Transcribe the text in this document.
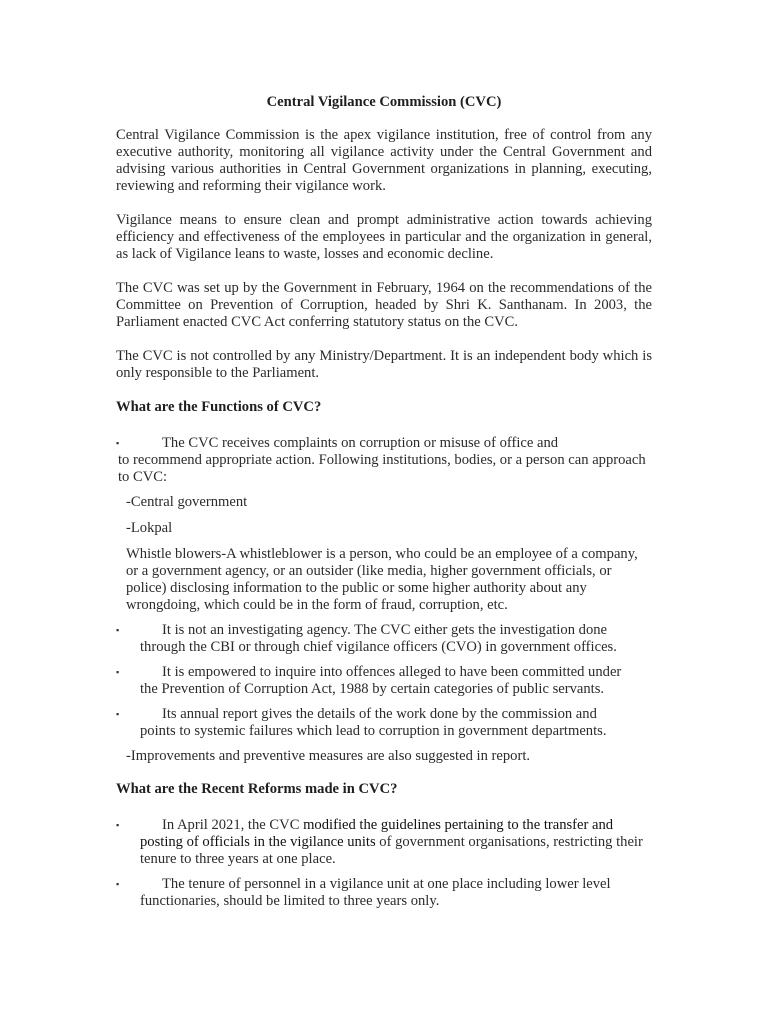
Central Vigilance Commission (CVC)

Central Vigilance Commission is the apex vigilance institution, free of control from any executive authority, monitoring all vigilance activity under the Central Government and advising various authorities in Central Government organizations in planning, executing, reviewing and reforming their vigilance work.

Vigilance means to ensure clean and prompt administrative action towards achieving efficiency and effectiveness of the employees in particular and the organization in general, as lack of Vigilance leans to waste, losses and economic decline.

The CVC was set up by the Government in February, 1964 on the recommendations of the Committee on Prevention of Corruption, headed by Shri K. Santhanam. In 2003, the Parliament enacted CVC Act conferring statutory status on the CVC.

The CVC is not controlled by any Ministry/Department. It is an independent body which is only responsible to the Parliament.

What are the Functions of CVC?
▪	The CVC receives complaints on corruption or misuse of office and
to recommend appropriate action. Following institutions, bodies, or a person can approach to CVC:
-Central government
-Lokpal
Whistle blowers-A whistleblower is a person, who could be an employee of a company, or a government agency, or an outsider (like media, higher government officials, or police) disclosing information to the public or some higher authority about any wrongdoing, which could be in the form of fraud, corruption, etc.
▪	It is not an investigating agency. The CVC either gets the investigation done
through the CBI or through chief vigilance officers (CVO) in government offices.
▪	It is empowered to inquire into offences alleged to have been committed under
the Prevention of Corruption Act, 1988 by certain categories of public servants.
▪	Its annual report gives the details of the work done by the commission and
points to systemic failures which lead to corruption in government departments.
-Improvements and preventive measures are also suggested in report.
What are the Recent Reforms made in CVC?
▪	In April 2021, the CVC modified the guidelines pertaining to the transfer and
posting of officials in the vigilance units of government organisations, restricting their tenure to three years at one place.
▪	The tenure of personnel in a vigilance unit at one place including lower level
functionaries, should be limited to three years only.
